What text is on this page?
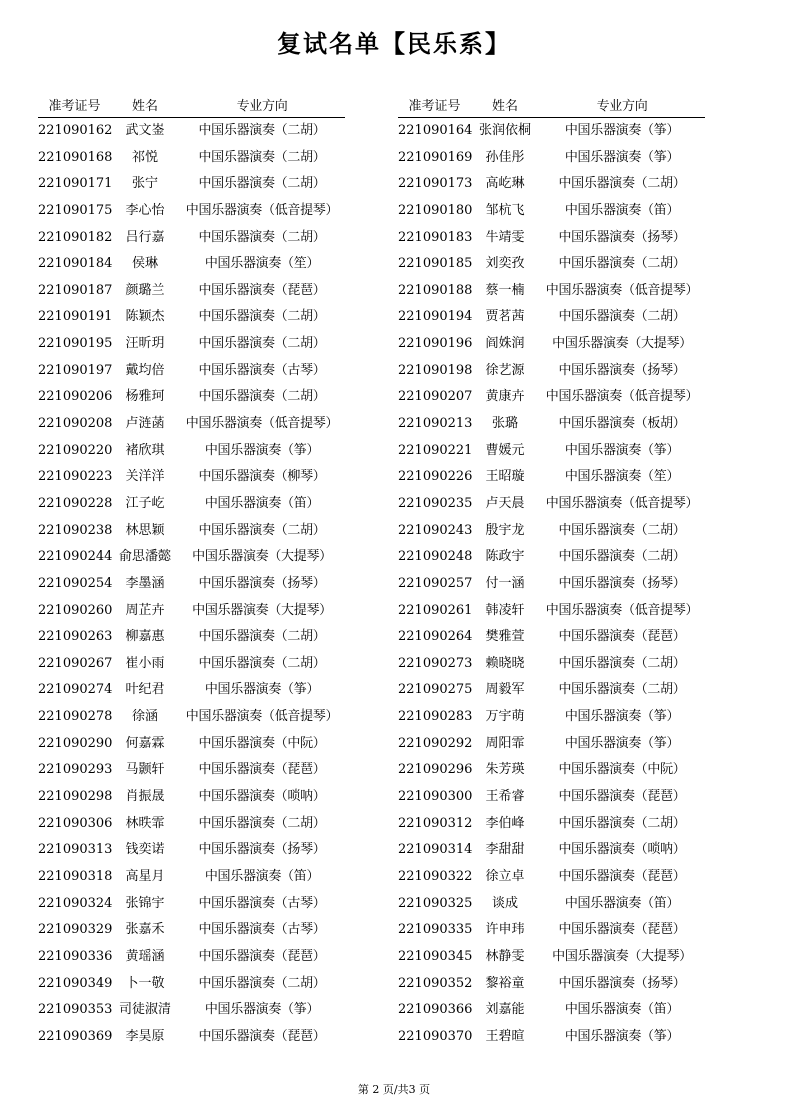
复试名单【民乐系】
准考证号	姓名	专业方向
221090162	武文崟	中国乐器演奏（二胡）
221090168	祁悦	中国乐器演奏（二胡）
221090171	张宁	中国乐器演奏（二胡）
221090175	李心怡	中国乐器演奏（低音提琴）
221090182	吕行嘉	中国乐器演奏（二胡）
221090184	侯琳	中国乐器演奏（笙）
221090187	颜璐兰	中国乐器演奏（琵琶）
221090191	陈颖杰	中国乐器演奏（二胡）
221090195	汪昕玥	中国乐器演奏（二胡）
221090197	戴均倍	中国乐器演奏（古琴）
221090206	杨雅珂	中国乐器演奏（二胡）
221090208	卢涟菡	中国乐器演奏（低音提琴）
221090220	褚欣琪	中国乐器演奏（筝）
221090223	关洋洋	中国乐器演奏（柳琴）
221090228	江子屹	中国乐器演奏（笛）
221090238	林思颖	中国乐器演奏（二胡）
221090244 俞思潘懿	中国乐器演奏（大提琴）
221090254	李墨涵	中国乐器演奏（扬琴）
221090260	周芷卉	中国乐器演奏（大提琴）
221090263	柳嘉惠	中国乐器演奏（二胡）
221090267	崔小雨	中国乐器演奏（二胡）
221090274	叶纪君	中国乐器演奏（筝）
221090278	徐涵	中国乐器演奏（低音提琴）
221090290	何嘉霖	中国乐器演奏（中阮）
221090293	马颢轩	中国乐器演奏（琵琶）
221090298	肖振晟	中国乐器演奏（唢呐）
221090306	林昳霏	中国乐器演奏（二胡）
221090313	钱奕诺	中国乐器演奏（扬琴）
221090318	高星月	中国乐器演奏（笛）
221090324	张锦宇	中国乐器演奏（古琴）
221090329	张嘉禾	中国乐器演奏（古琴）
221090336	黄瑶涵	中国乐器演奏（琵琶）
221090349	卜一敬	中国乐器演奏（二胡）
221090353 司徒淑清	中国乐器演奏（筝）
221090369	李昊原	中国乐器演奏（琵琶）
准考证号	姓名	专业方向
221090164 张润依桐	中国乐器演奏（筝）
221090169	孙佳彤	中国乐器演奏（筝）
221090173	高屹琳	中国乐器演奏（二胡）
221090180	邹杭飞	中国乐器演奏（笛）
221090183	牛靖雯	中国乐器演奏（扬琴）
221090185	刘奕孜	中国乐器演奏（二胡）
221090188	蔡一楠	中国乐器演奏（低音提琴）
221090194	贾茗茜	中国乐器演奏（二胡）
221090196	阎姝润	中国乐器演奏（大提琴）
221090198	徐艺源	中国乐器演奏（扬琴）
221090207	黄康卉	中国乐器演奏（低音提琴）
221090213	张璐	中国乐器演奏（板胡）
221090221	曹媛元	中国乐器演奏（筝）
221090226	王昭璇	中国乐器演奏（笙）
221090235	卢天晨	中国乐器演奏（低音提琴）
221090243	殷宇龙	中国乐器演奏（二胡）
221090248	陈政宇	中国乐器演奏（二胡）
221090257	付一涵	中国乐器演奏（扬琴）
221090261	韩凌轩	中国乐器演奏（低音提琴）
221090264	樊雅萱	中国乐器演奏（琵琶）
221090273	赖晓晓	中国乐器演奏（二胡）
221090275	周毅军	中国乐器演奏（二胡）
221090283	万宇萌	中国乐器演奏（筝）
221090292	周阳霏	中国乐器演奏（筝）
221090296	朱芳瑛	中国乐器演奏（中阮）
221090300	王希睿	中国乐器演奏（琵琶）
221090312	李伯峰	中国乐器演奏（二胡）
221090314	李甜甜	中国乐器演奏（唢呐）
221090322	徐立卓	中国乐器演奏（琵琶）
221090325	谈成	中国乐器演奏（笛）
221090335	许申玮	中国乐器演奏（琵琶）
221090345	林静雯	中国乐器演奏（大提琴）
221090352	黎裕童	中国乐器演奏（扬琴）
221090366	刘嘉能	中国乐器演奏（笛）
221090370	王碧暄	中国乐器演奏（筝）
第 2 页/共3 页
